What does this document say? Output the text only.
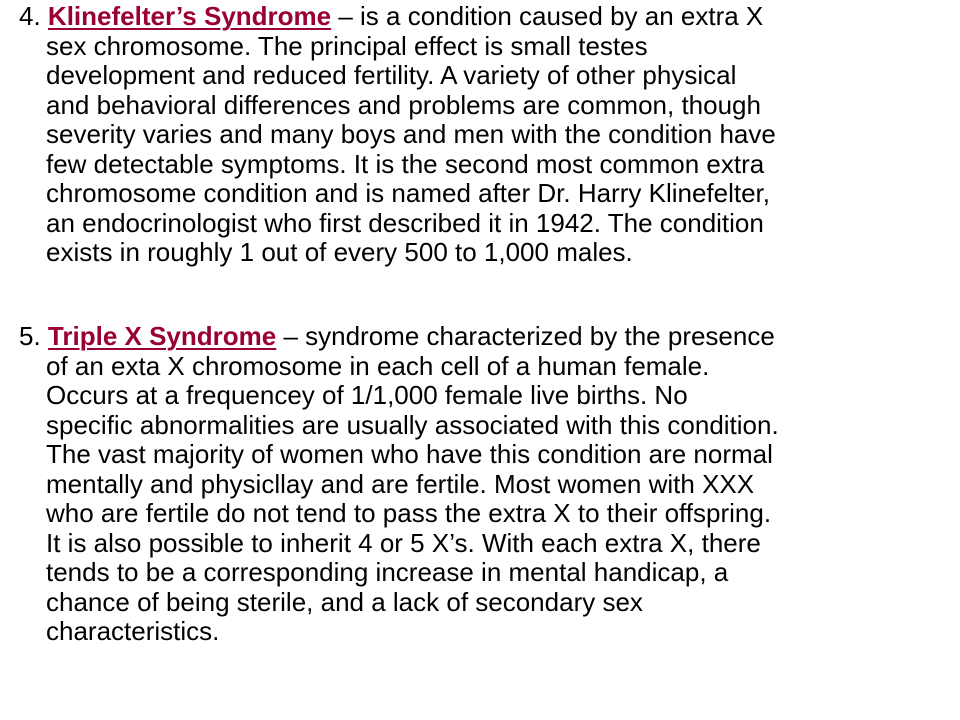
4. Klinefelter’s Syndrome – is a condition caused by an extra X
sex chromosome. The principal effect is small testes
development and reduced fertility. A variety of other physical
and behavioral differences and problems are common, though
severity varies and many boys and men with the condition have
few detectable symptoms. It is the second most common extra
chromosome condition and is named after Dr. Harry Klinefelter,
an endocrinologist who first described it in 1942. The condition
exists in roughly 1 out of every 500 to 1,000 males.
5. Triple X Syndrome – syndrome characterized by the presence
of an exta X chromosome in each cell of a human female.
Occurs at a frequencey of 1/1,000 female live births. No
specific abnormalities are usually associated with this condition.
The vast majority of women who have this condition are normal
mentally and physicllay and are fertile. Most women with XXX
who are fertile do not tend to pass the extra X to their offspring.
It is also possible to inherit 4 or 5 X’s. With each extra X, there
tends to be a corresponding increase in mental handicap, a
chance of being sterile, and a lack of secondary sex
characteristics.
